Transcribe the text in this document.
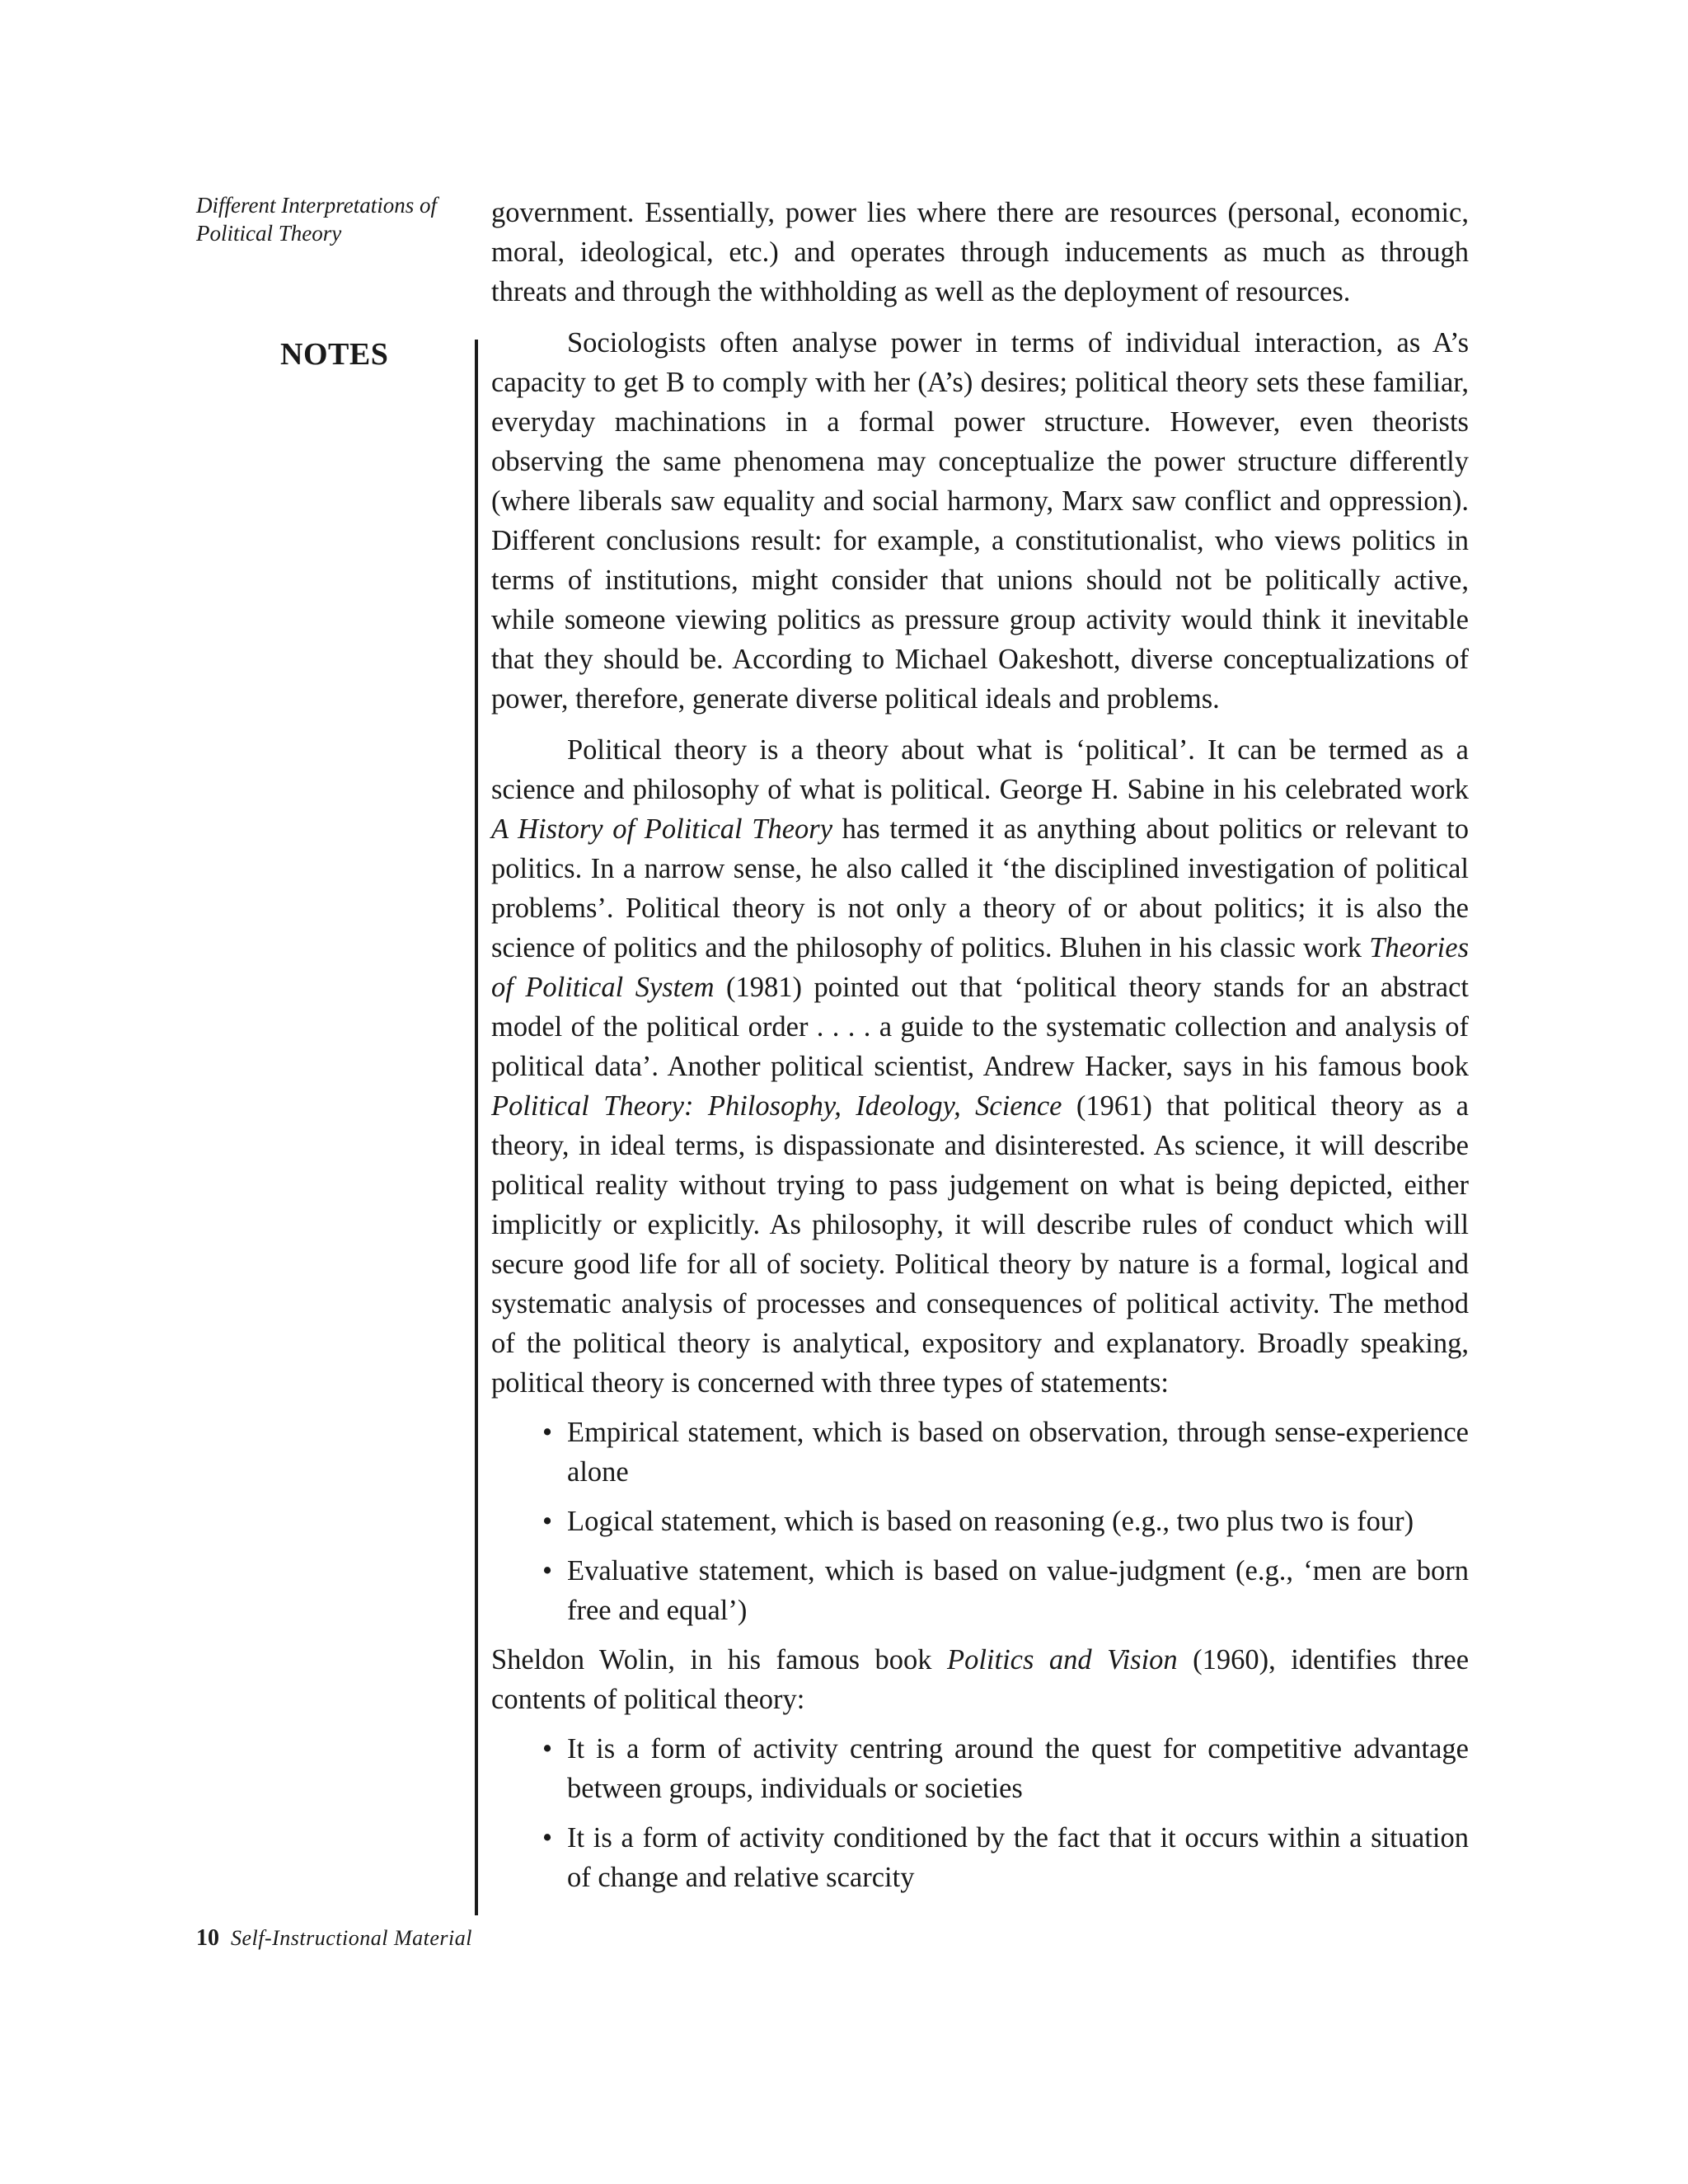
Different Interpretations of
Political Theory
NOTES

government. Essentially, power lies where there are resources (personal, economic, moral, ideological, etc.) and operates through inducements as much as through threats and through the withholding as well as the deployment of resources.

Sociologists often analyse power in terms of individual interaction, as A’s capacity to get B to comply with her (A’s) desires; political theory sets these familiar, everyday machinations in a formal power structure. However, even theorists observing the same phenomena may conceptualize the power structure differently (where liberals saw equality and social harmony, Marx saw conflict and oppression). Different conclusions result: for example, a constitutionalist, who views politics in terms of institutions, might consider that unions should not be politically active, while someone viewing politics as pressure group activity would think it inevitable that they should be. According to Michael Oakeshott, diverse conceptualizations of power, therefore, generate diverse political ideals and problems.

Political theory is a theory about what is ‘political’. It can be termed as a science and philosophy of what is political. George H. Sabine in his celebrated work A History of Political Theory has termed it as anything about politics or relevant to politics. In a narrow sense, he also called it ‘the disciplined investigation of political problems’. Political theory is not only a theory of or about politics; it is also the science of politics and the philosophy of politics. Bluhen in his classic work Theories of Political System (1981) pointed out that ‘political theory stands for an abstract model of the political order . . . . a guide to the systematic collection and analysis of political data’. Another political scientist, Andrew Hacker, says in his famous book Political Theory: Philosophy, Ideology, Science (1961) that political theory as a theory, in ideal terms, is dispassionate and disinterested. As science, it will describe political reality without trying to pass judgement on what is being depicted, either implicitly or explicitly. As philosophy, it will describe rules of conduct which will secure good life for all of society. Political theory by nature is a formal, logical and systematic analysis of processes and consequences of political activity. The method of the political theory is analytical, expository and explanatory. Broadly speaking, political theory is concerned with three types of statements:

• Empirical statement, which is based on observation, through sense-experience alone
• Logical statement, which is based on reasoning (e.g., two plus two is four)
• Evaluative statement, which is based on value-judgment (e.g., ‘men are born free and equal’)

Sheldon Wolin, in his famous book Politics and Vision (1960), identifies three contents of political theory:

• It is a form of activity centring around the quest for competitive advantage between groups, individuals or societies
• It is a form of activity conditioned by the fact that it occurs within a situation of change and relative scarcity
10 Self-Instructional Material
